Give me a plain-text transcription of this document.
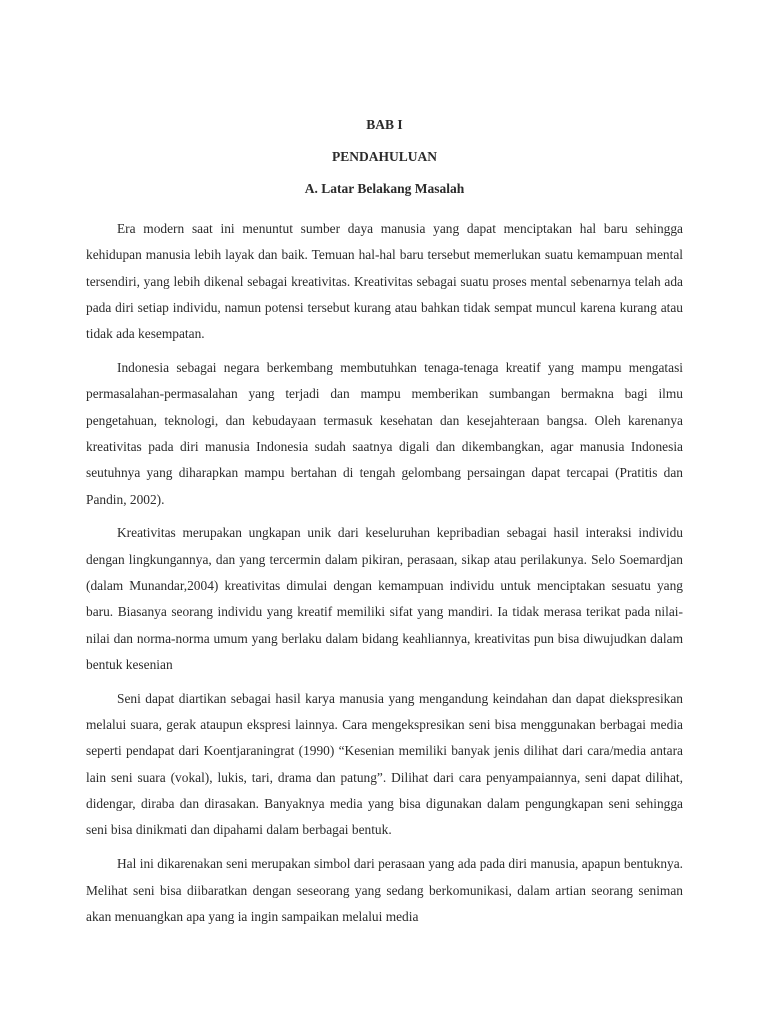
BAB I
PENDAHULUAN
A. Latar Belakang Masalah

Era modern saat ini menuntut sumber daya manusia yang dapat menciptakan hal baru sehingga kehidupan manusia lebih layak dan baik. Temuan hal-hal baru tersebut memerlukan suatu kemampuan mental tersendiri, yang lebih dikenal sebagai kreativitas. Kreativitas sebagai suatu proses mental sebenarnya telah ada pada diri setiap individu, namun potensi tersebut kurang atau bahkan tidak sempat muncul karena kurang atau tidak ada kesempatan.

Indonesia sebagai negara berkembang membutuhkan tenaga-tenaga kreatif yang mampu mengatasi permasalahan-permasalahan yang terjadi dan mampu memberikan sumbangan bermakna bagi ilmu pengetahuan, teknologi, dan kebudayaan termasuk kesehatan dan kesejahteraan bangsa. Oleh karenanya kreativitas pada diri manusia Indonesia sudah saatnya digali dan dikembangkan, agar manusia Indonesia seutuhnya yang diharapkan mampu bertahan di tengah gelombang persaingan dapat tercapai (Pratitis dan Pandin, 2002).

Kreativitas merupakan ungkapan unik dari keseluruhan kepribadian sebagai hasil interaksi individu dengan lingkungannya, dan yang tercermin dalam pikiran, perasaan, sikap atau perilakunya. Selo Soemardjan (dalam Munandar,2004) kreativitas dimulai dengan kemampuan individu untuk menciptakan sesuatu yang baru. Biasanya seorang individu yang kreatif memiliki sifat yang mandiri. Ia tidak merasa terikat pada nilai-nilai dan norma-norma umum yang berlaku dalam bidang keahliannya, kreativitas pun bisa diwujudkan dalam bentuk kesenian

Seni dapat diartikan sebagai hasil karya manusia yang mengandung keindahan dan dapat diekspresikan melalui suara, gerak ataupun ekspresi lainnya. Cara mengekspresikan seni bisa menggunakan berbagai media seperti pendapat dari Koentjaraningrat (1990) “Kesenian memiliki banyak jenis dilihat dari cara/media antara lain seni suara (vokal), lukis, tari, drama dan patung”. Dilihat dari cara penyampaiannya, seni dapat dilihat, didengar, diraba dan dirasakan. Banyaknya media yang bisa digunakan dalam pengungkapan seni sehingga seni bisa dinikmati dan dipahami dalam berbagai bentuk.

Hal ini dikarenakan seni merupakan simbol dari perasaan yang ada pada diri manusia, apapun bentuknya. Melihat seni bisa diibaratkan dengan seseorang yang sedang berkomunikasi, dalam artian seorang seniman akan menuangkan apa yang ia ingin sampaikan melalui media
